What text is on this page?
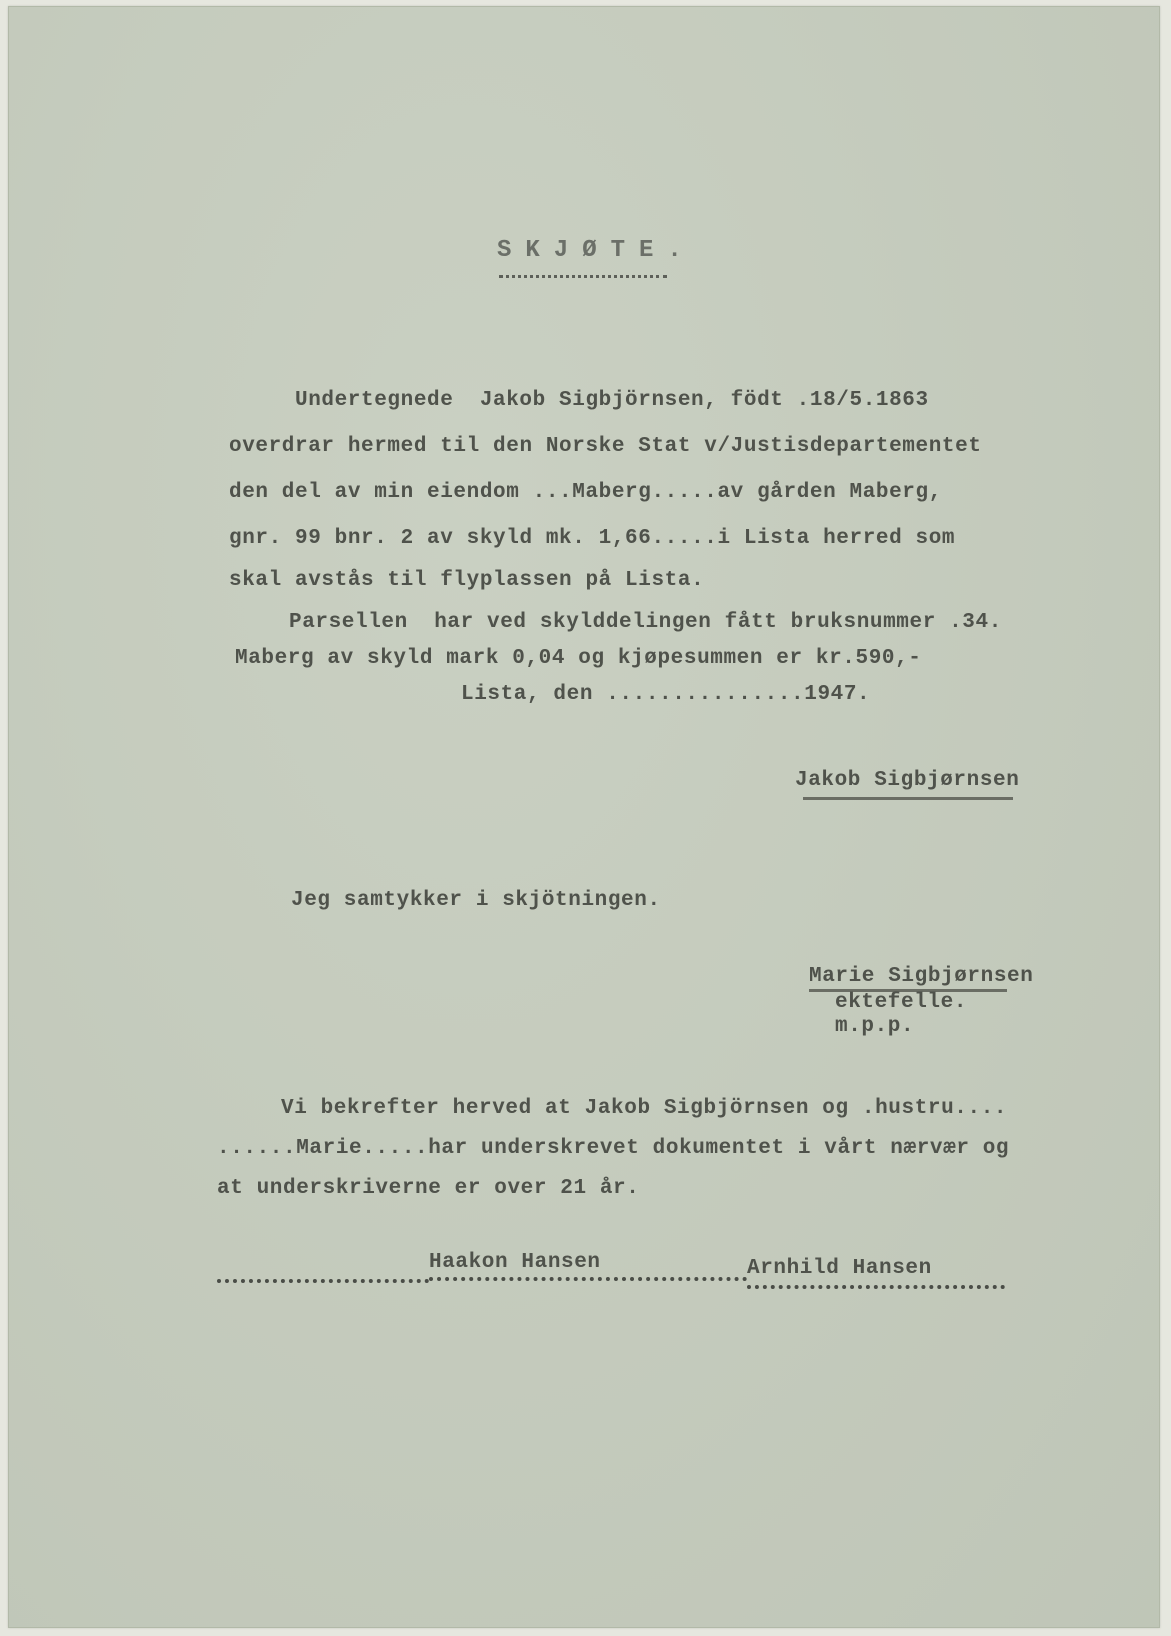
SKJØTE.

Undertegnede  Jakob Sigbjörnsen, födt .18/5.1863

overdrar hermed til den Norske Stat v/Justisdepartementet

den del av min eiendom ...Maberg.....av gården Maberg,

gnr. 99 bnr. 2 av skyld mk. 1,66.....i Lista herred som

skal avstås til flyplassen på Lista.

Parsellen  har ved skylddelingen fått bruksnummer .34.

Maberg av skyld mark 0,04 og kjøpesummen er kr.590,-

Lista, den ...............1947.

Jakob Sigbjørnsen

Jeg samtykker i skjötningen.

Marie Sigbjørnsen

ektefelle.

m.p.p.

Vi bekrefter herved at Jakob Sigbjörnsen og .hustru....

......Marie.....har underskrevet dokumentet i vårt nærvær og

at underskriverne er over 21 år.

Haakon Hansen	Arnhild Hansen
